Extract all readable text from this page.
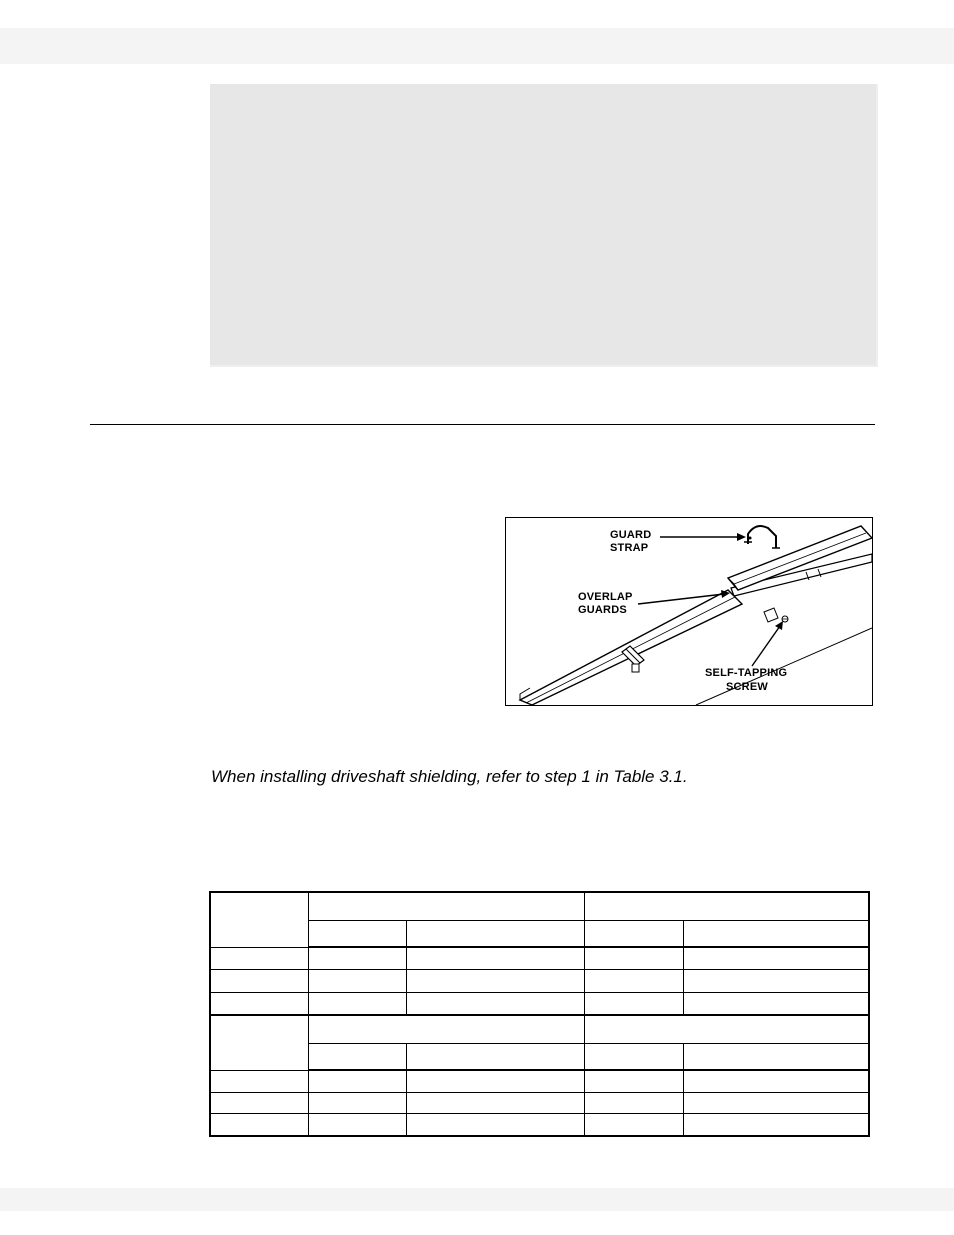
GUARD
STRAP
OVERLAP
GUARDS
SELF-TAPPING
SCREW
When installing driveshaft shielding, refer to step 1 in Table 3.1.
